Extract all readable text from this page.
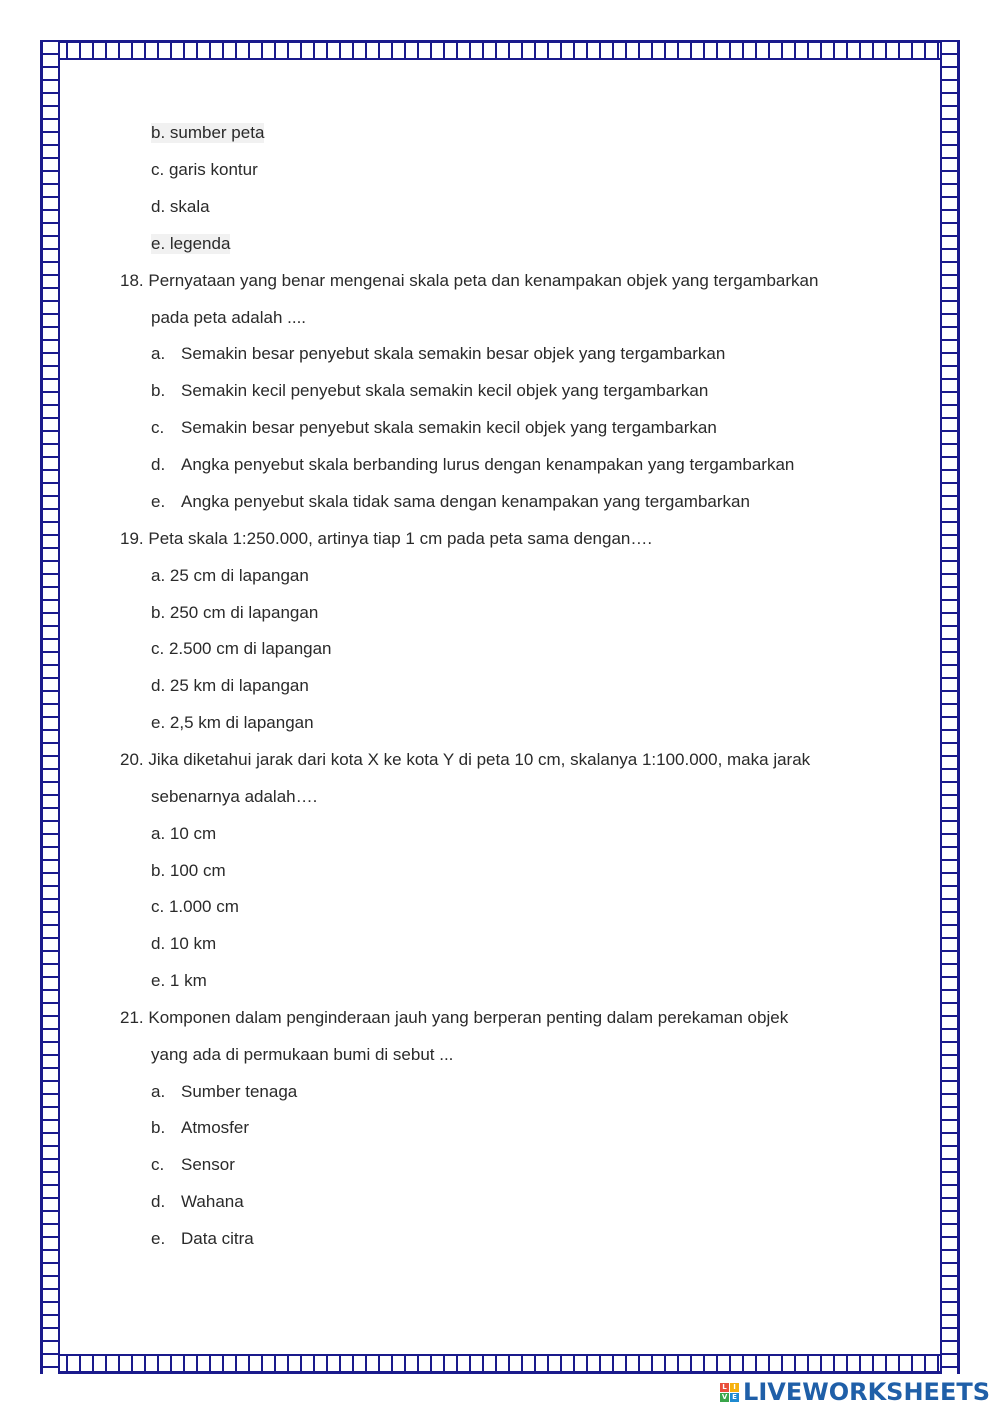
b. sumber peta
c. garis kontur
d. skala
e. legenda
18. Pernyataan yang benar mengenai skala peta dan kenampakan objek yang tergambarkan
pada peta adalah ....
a. Semakin besar penyebut skala semakin besar objek yang tergambarkan
b. Semakin kecil penyebut skala semakin kecil objek yang tergambarkan
c. Semakin besar penyebut skala semakin kecil objek yang tergambarkan
d. Angka penyebut skala berbanding lurus dengan kenampakan yang tergambarkan
e. Angka penyebut skala tidak sama dengan kenampakan yang tergambarkan
19. Peta skala 1:250.000, artinya tiap 1 cm pada peta sama dengan….
a. 25 cm di lapangan
b. 250 cm di lapangan
c. 2.500 cm di lapangan
d. 25 km di lapangan
e. 2,5 km di lapangan
20. Jika diketahui jarak dari kota X ke kota Y di peta 10 cm, skalanya 1:100.000, maka jarak
sebenarnya adalah….
a. 10 cm
b. 100 cm
c. 1.000 cm
d. 10 km
e. 1 km
21. Komponen dalam penginderaan jauh yang berperan penting dalam perekaman objek
yang ada di permukaan bumi di sebut ...
a. Sumber tenaga
b. Atmosfer
c. Sensor
d. Wahana
e. Data citra
L I
V E LIVEWORKSHEETS
